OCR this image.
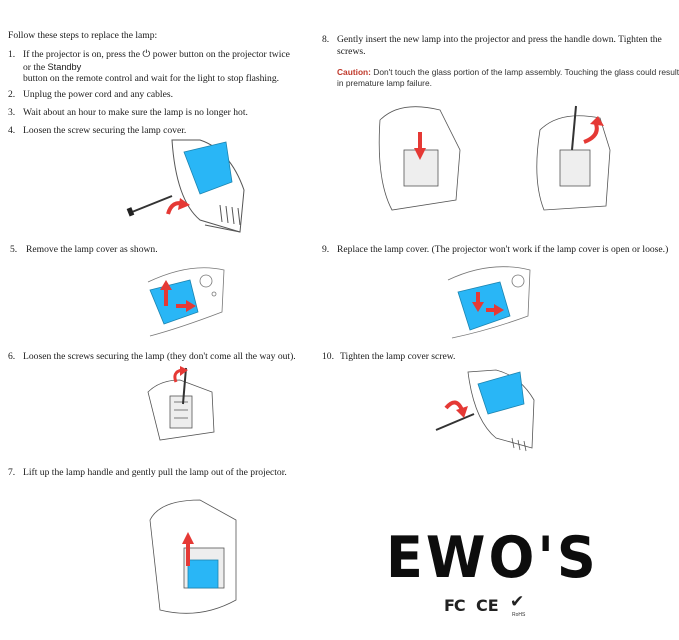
Follow these steps to replace the lamp:
1. If the projector is on, press the ⏻ power button on the projector twice
or the Standby
button on the remote control and wait for the light to stop flashing.
2. Unplug the power cord and any cables.
3. Wait about an hour to make sure the lamp is no longer hot.
4. Loosen the screw securing the lamp cover.
5. Remove the lamp cover as shown.
6. Loosen the screws securing the lamp (they don't come all the way out).
7. Lift up the lamp handle and gently pull the lamp out of the projector.
8. Gently insert the new lamp into the projector and press the handle down. Tighten the
screws.
Caution: Don't touch the glass portion of the lamp assembly. Touching the glass could result
in premature lamp failure.
9. Replace the lamp cover. (The projector won't work if the lamp cover is open or loose.)
10. Tighten the lamp cover screw.
EWO'S
FC CE ✔
RoHS
